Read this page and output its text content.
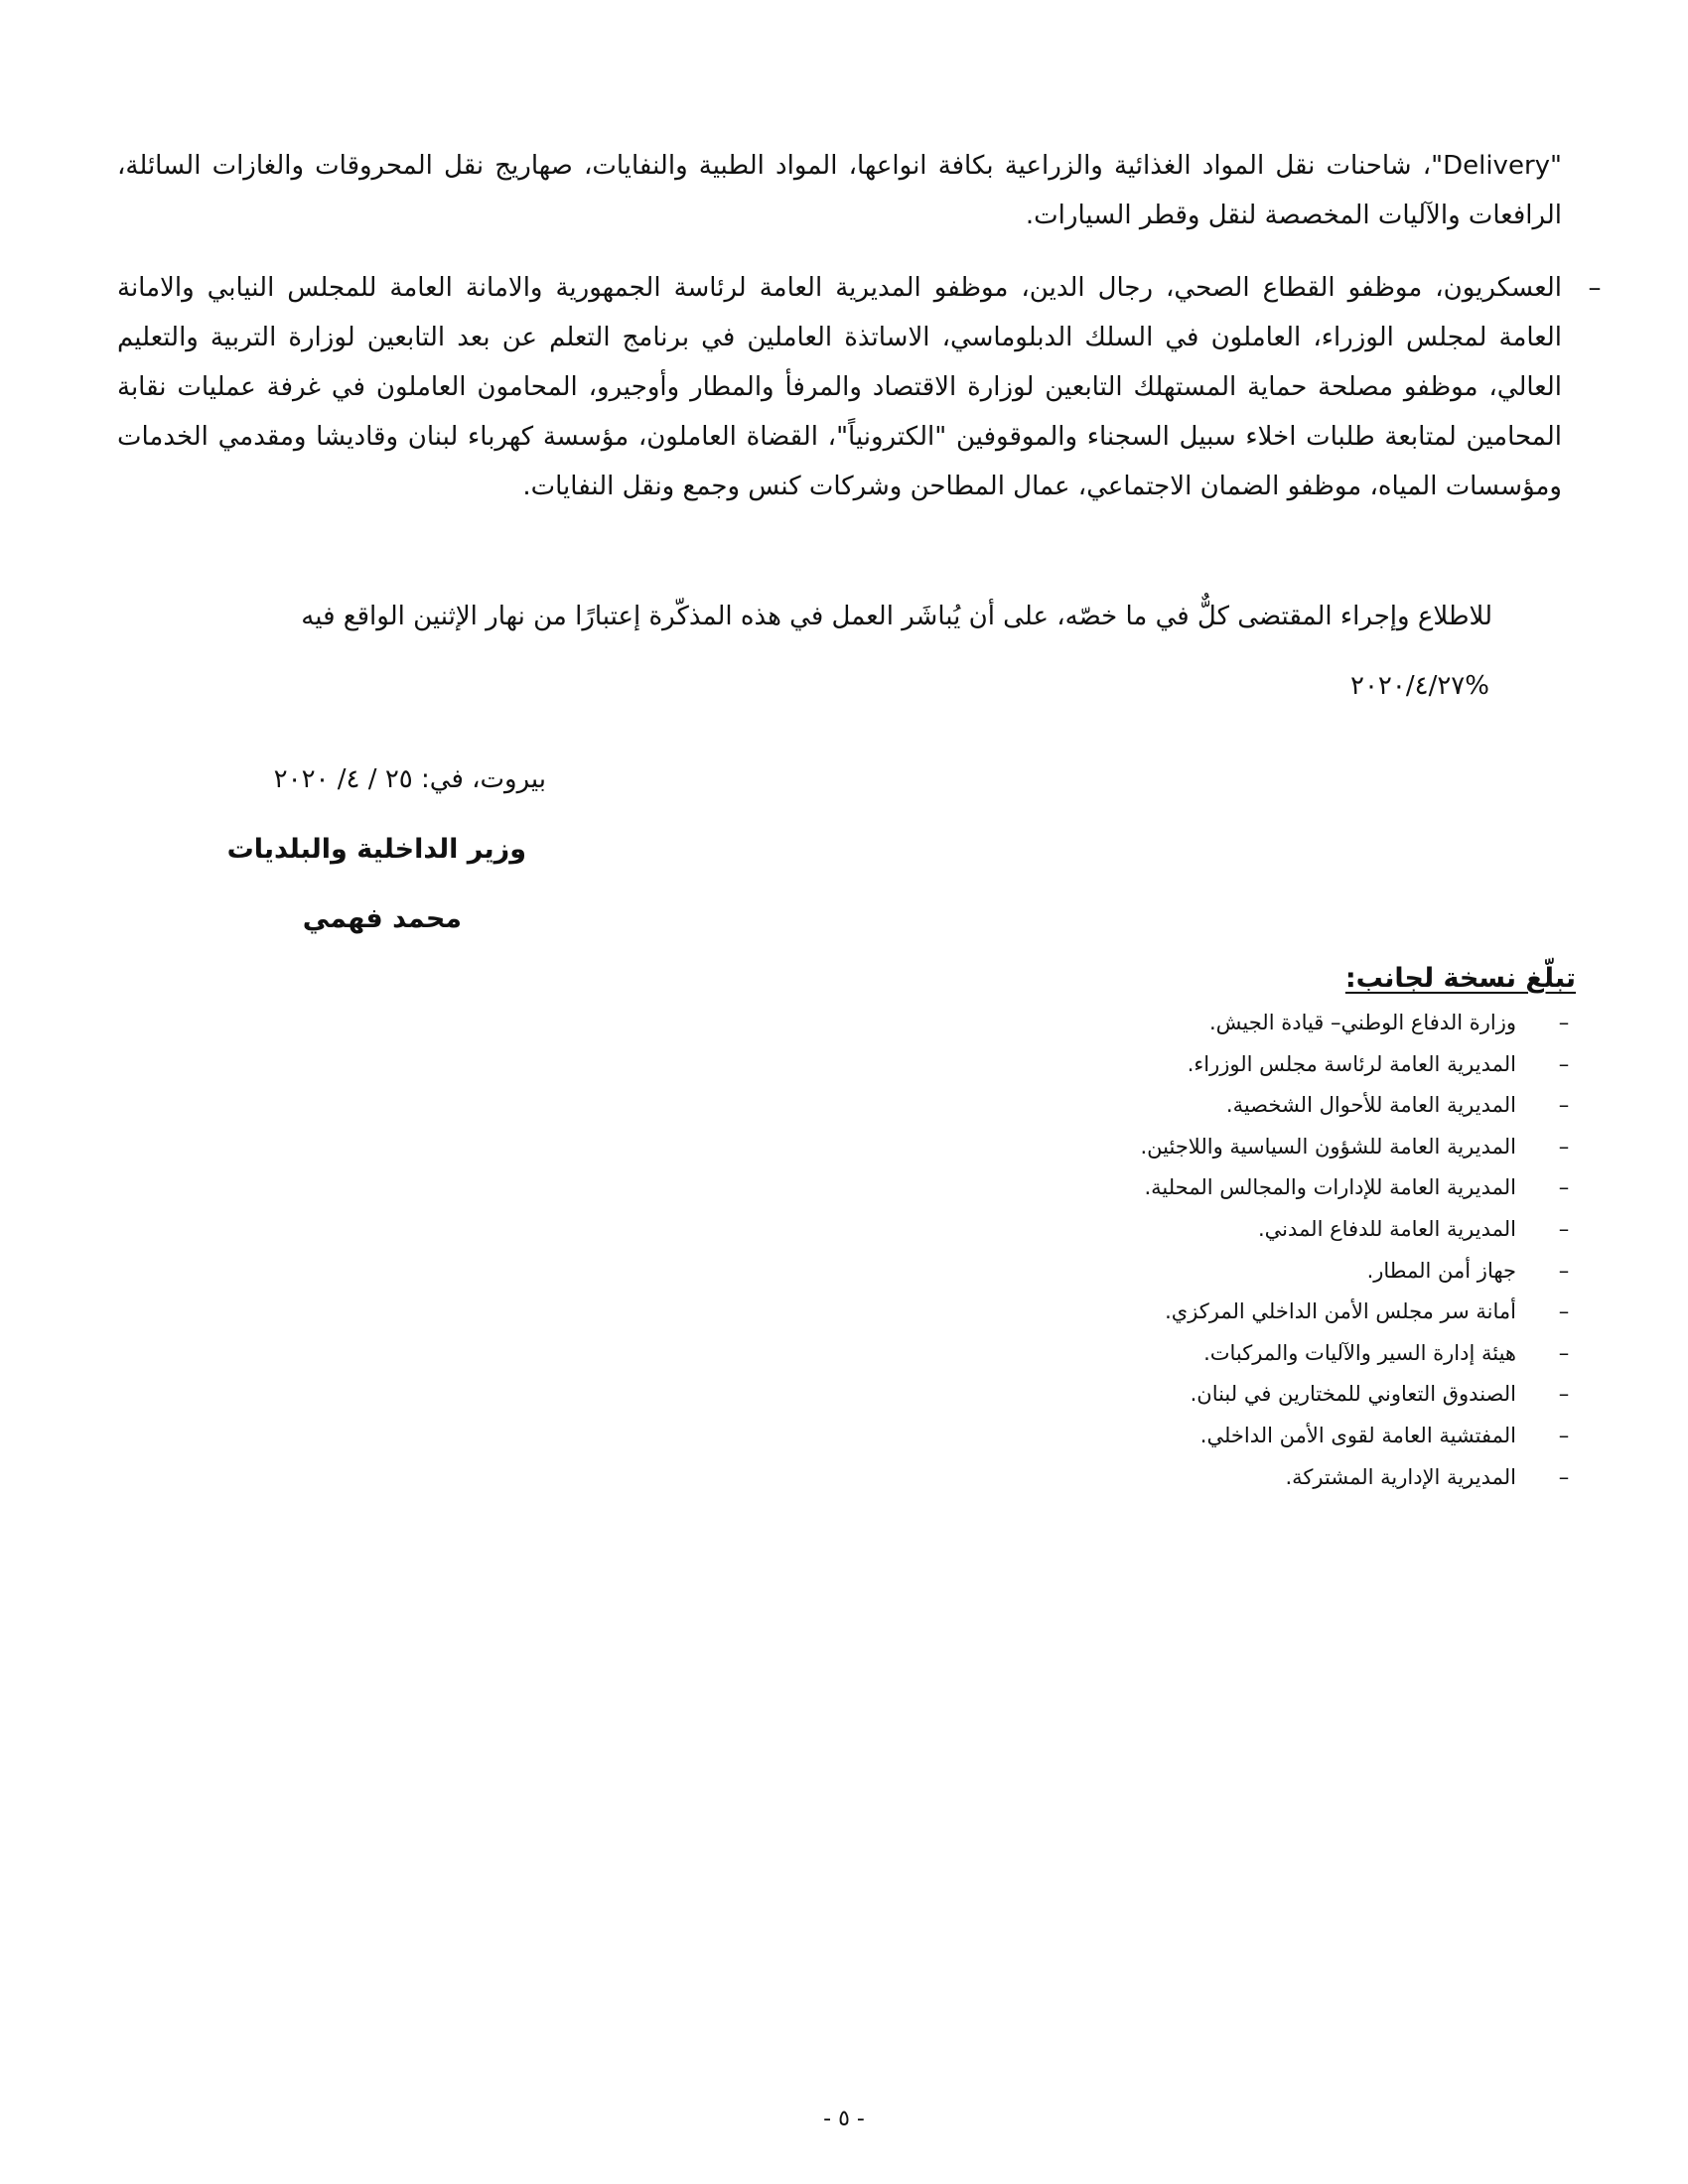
"Delivery"، شاحنات نقل المواد الغذائية والزراعية بكافة انواعها، المواد الطبية والنفايات، صهاريج نقل المحروقات والغازات السائلة، الرافعات والآليات المخصصة لنقل وقطر السيارات.

–
العسكريون، موظفو القطاع الصحي، رجال الدين، موظفو المديرية العامة لرئاسة الجمهورية والامانة العامة للمجلس النيابي والامانة العامة لمجلس الوزراء، العاملون في السلك الدبلوماسي، الاساتذة العاملين في برنامج التعلم عن بعد التابعين لوزارة التربية والتعليم العالي، موظفو مصلحة حماية المستهلك التابعين لوزارة الاقتصاد والمرفأ والمطار وأوجيرو، المحامون العاملون في غرفة عمليات نقابة المحامين لمتابعة طلبات اخلاء سبيل السجناء والموقوفين "الكترونياً"، القضاة العاملون، مؤسسة كهرباء لبنان وقاديشا ومقدمي الخدمات ومؤسسات المياه، موظفو الضمان الاجتماعي، عمال المطاحن وشركات كنس وجمع ونقل النفايات.

للاطلاع وإجراء المقتضى كلٌّ في ما خصّه، على أن يُباشَر العمل في هذه المذكّرة إعتبارًا من نهار الإثنين الواقع فيه

٢٠٢٠/٤/٢٧%
بيروت، في: ٢٥ / ٤/ ٢٠٢٠
وزير الداخلية والبلديات
محمد فهمي
تبلّغ نسخة لجانب:
–
وزارة الدفاع الوطني– قيادة الجيش.
–
المديرية العامة لرئاسة مجلس الوزراء.
–
المديرية العامة للأحوال الشخصية.
–
المديرية العامة للشؤون السياسية واللاجئين.
–
المديرية العامة للإدارات والمجالس المحلية.
–
المديرية العامة للدفاع المدني.
–
جهاز أمن المطار.
–
أمانة سر مجلس الأمن الداخلي المركزي.
–
هيئة إدارة السير والآليات والمركبات.
–
الصندوق التعاوني للمختارين في لبنان.
–
المفتشية العامة لقوى الأمن الداخلي.
–
المديرية الإدارية المشتركة.
- ٥ -
